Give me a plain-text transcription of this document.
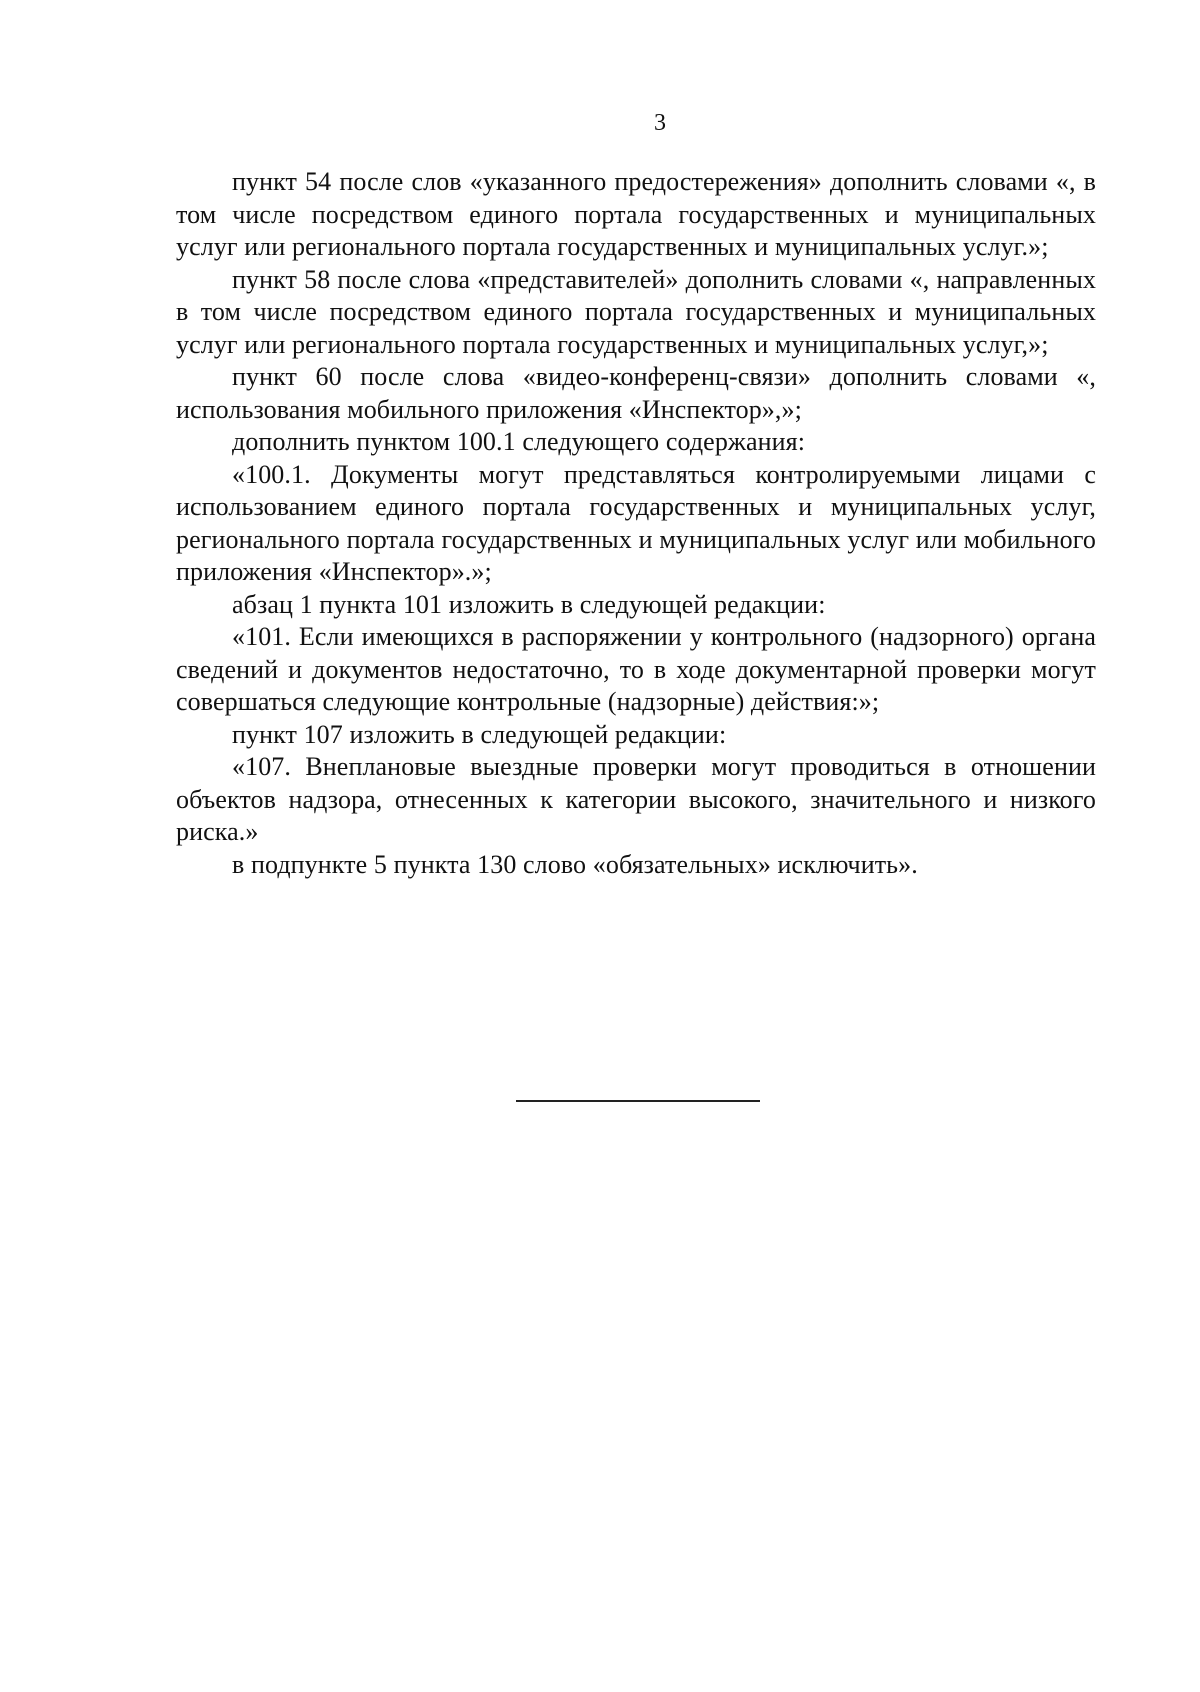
3

пункт 54 после слов «указанного предостережения» дополнить словами «, в том числе посредством единого портала государственных и муниципальных услуг или регионального портала государственных и муниципальных услуг.»;

пункт 58 после слова «представителей» дополнить словами «, направленных в том числе посредством единого портала государственных и муниципальных услуг или регионального портала государственных и муниципальных услуг,»;

пункт 60 после слова «видео-конференц-связи» дополнить словами «, использования мобильного приложения «Инспектор»,»;

дополнить пунктом 100.1 следующего содержания:

«100.1. Документы могут представляться контролируемыми лицами с использованием единого портала государственных и муниципальных услуг, регионального портала государственных и муниципальных услуг или мобильного приложения «Инспектор».»;

абзац 1 пункта 101 изложить в следующей редакции:

«101. Если имеющихся в распоряжении у контрольного (надзорного) органа сведений и документов недостаточно, то в ходе документарной проверки могут совершаться следующие контрольные (надзорные) действия:»;

пункт 107 изложить в следующей редакции:

«107. Внеплановые выездные проверки могут проводиться в отношении объектов надзора, отнесенных к категории высокого, значительного и низкого риска.»

в подпункте 5 пункта 130 слово «обязательных» исключить».
